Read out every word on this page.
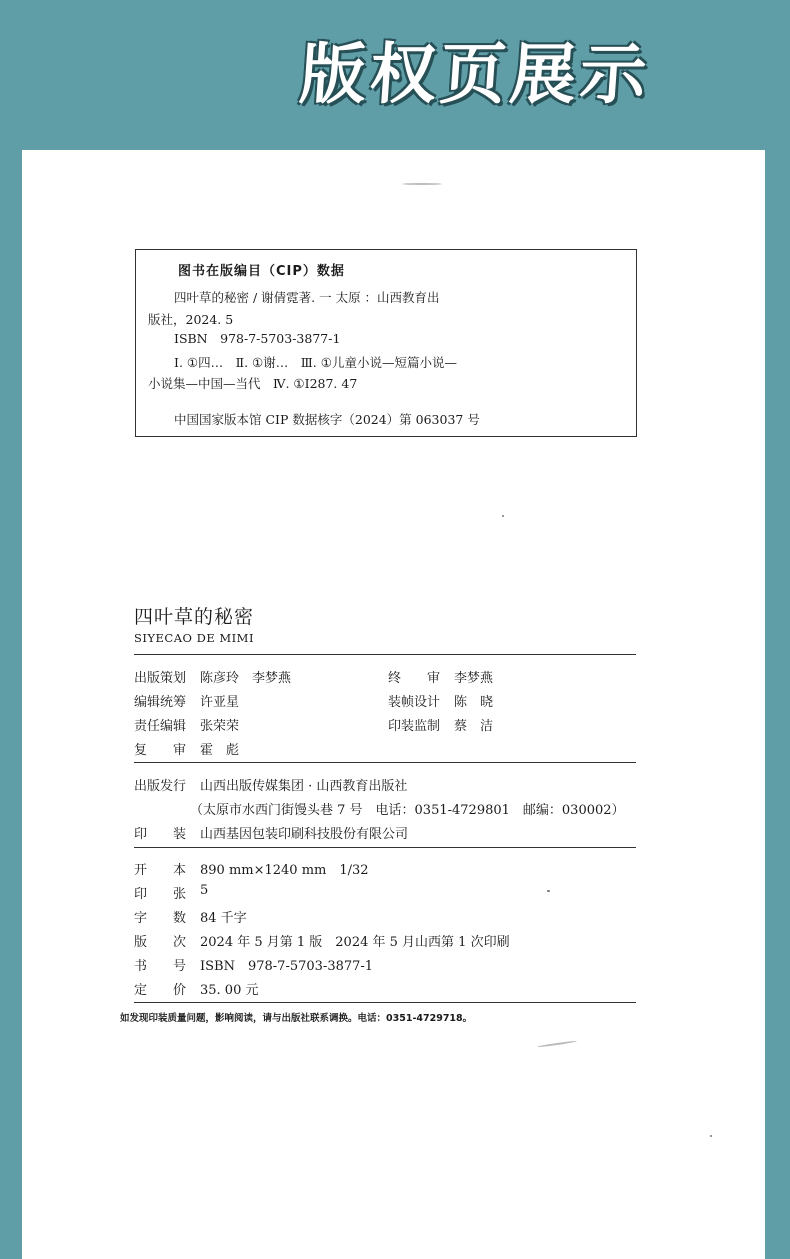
版权页展示
图书在版编目（CIP）数据
四叶草的秘密 / 谢倩霓著. 一 太原 ：山西教育出
版社，2024. 5
ISBN　978-7-5703-3877-1
Ⅰ. ①四…　Ⅱ. ①谢…　Ⅲ. ①儿童小说—短篇小说—
小说集—中国—当代　Ⅳ. ①I287. 47
中国国家版本馆 CIP 数据核字（2024）第 063037 号
四叶草的秘密
SIYECAO DE MIMI
出版策划 陈彦玲　李梦燕
编辑统筹 许亚星
责任编辑 张荣荣
复　　审 霍　彪
终　　审 李梦燕
装帧设计 陈　晓
印装监制 蔡　洁
出版发行 山西出版传媒集团 · 山西教育出版社
（太原市水西门街馒头巷 7 号　电话：0351-4729801　邮编：030002）
印　　装 山西基因包装印刷科技股份有限公司
开　　本 890 mm×1240 mm　1/32
印　　张 5
字　　数 84 千字
版　　次 2024 年 5 月第 1 版　2024 年 5 月山西第 1 次印刷
书　　号 ISBN　978-7-5703-3877-1
定　　价 35. 00 元
如发现印装质量问题，影响阅读，请与出版社联系调换。电话：0351-4729718。
